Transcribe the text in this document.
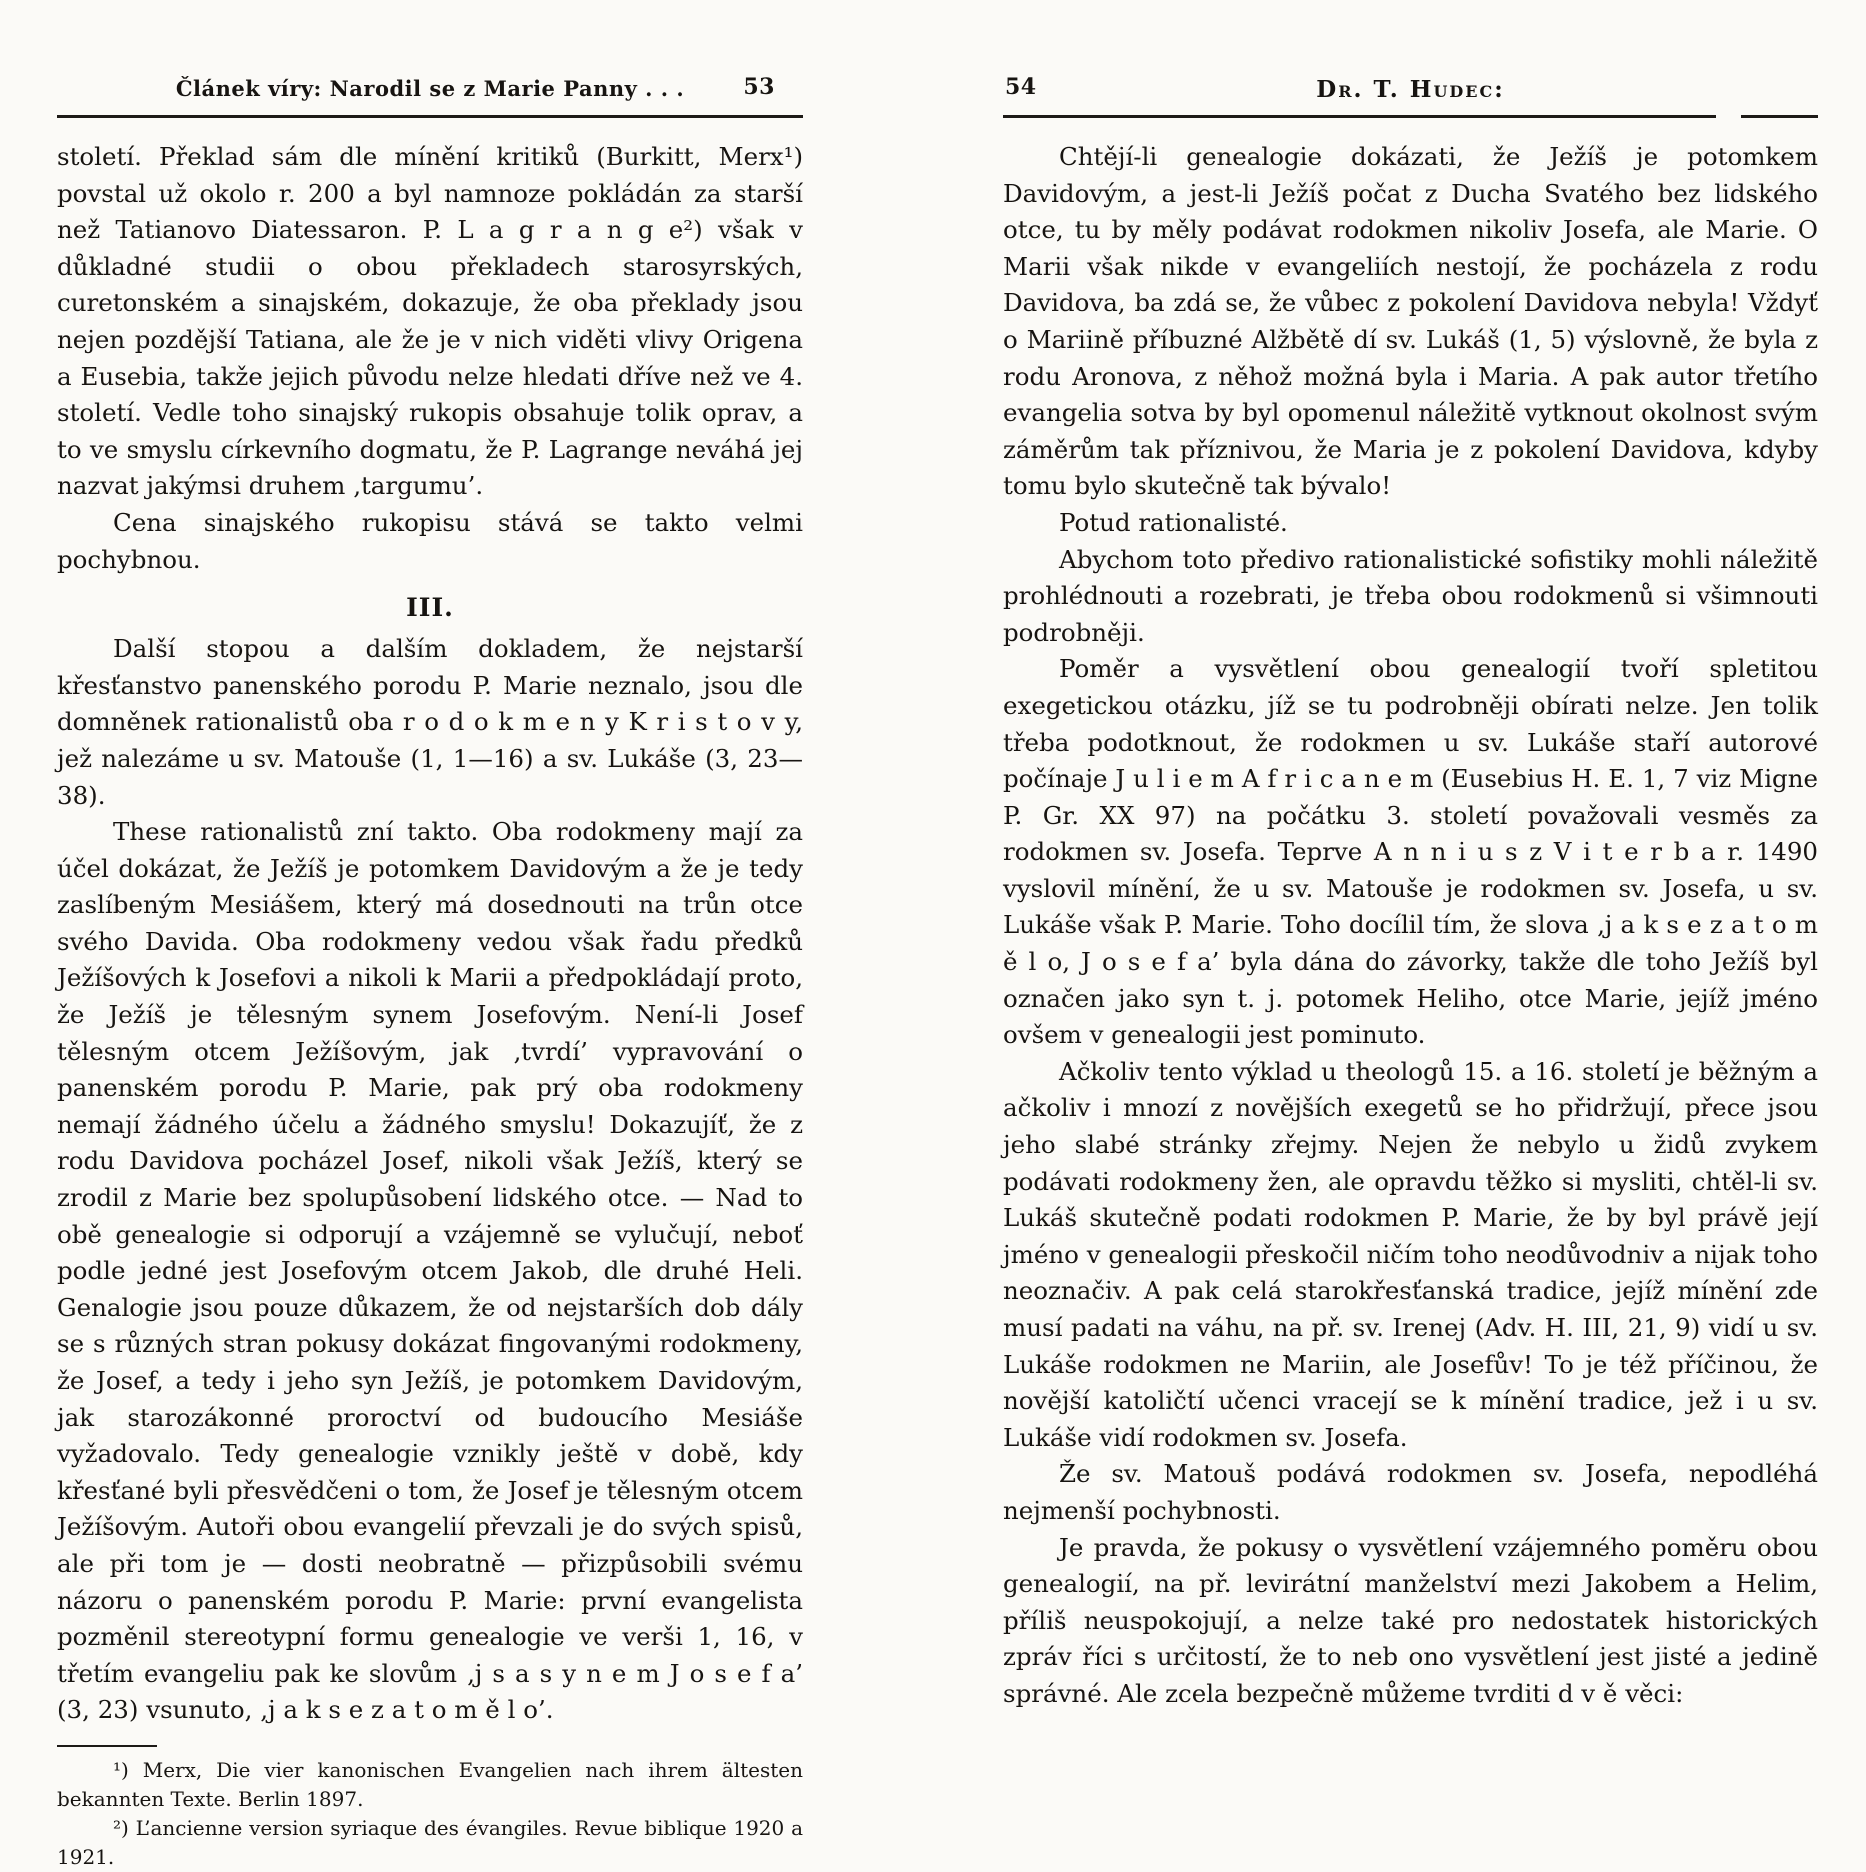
Článek víry: Narodil se z Marie Panny . . .	53

století. Překlad sám dle mínění kritiků (Burkitt, Merx¹) povstal už okolo r. 200 a byl namnoze pokládán za starší než Tatianovo Diatessaron. P. L a g r a n g e²) však v důkladné studii o obou překladech starosyrských, curetonském a sinajském, dokazuje, že oba překlady jsou nejen pozdější Tatiana, ale že je v nich viděti vlivy Origena a Eusebia, takže jejich původu nelze hledati dříve než ve 4. století. Vedle toho sinajský rukopis obsahuje tolik oprav, a to ve smyslu církevního dogmatu, že P. Lagrange neváhá jej nazvat jakýmsi druhem ‚targumu’.

Cena sinajského rukopisu stává se takto velmi pochybnou.

III.

Další stopou a dalším dokladem, že nejstarší křesťanstvo panenského porodu P. Marie neznalo, jsou dle domněnek rationalistů oba r o d o k m e n y K r i s t o v y, jež nalezáme u sv. Matouše (1, 1—16) a sv. Lukáše (3, 23—38).

These rationalistů zní takto. Oba rodokmeny mají za účel dokázat, že Ježíš je potomkem Davidovým a že je tedy zaslíbeným Mesiášem, který má dosednouti na trůn otce svého Davida. Oba rodokmeny vedou však řadu předků Ježíšových k Josefovi a nikoli k Marii a předpokládají proto, že Ježíš je tělesným synem Josefovým. Není-li Josef tělesným otcem Ježíšovým, jak ‚tvrdí’ vypravování o panenském porodu P. Marie, pak prý oba rodokmeny nemají žádného účelu a žádného smyslu! Dokazujíť, že z rodu Davidova pocházel Josef, nikoli však Ježíš, který se zrodil z Marie bez spolupůsobení lidského otce. — Nad to obě genealogie si odporují a vzájemně se vylučují, neboť podle jedné jest Josefovým otcem Jakob, dle druhé Heli. Genalogie jsou pouze důkazem, že od nejstarších dob dály se s různých stran pokusy dokázat fingovanými rodokmeny, že Josef, a tedy i jeho syn Ježíš, je potomkem Davidovým, jak starozákonné proroctví od budoucího Mesiáše vyžadovalo. Tedy genealogie vznikly ještě v době, kdy křesťané byli přesvědčeni o tom, že Josef je tělesným otcem Ježíšovým. Autoři obou evangelií převzali je do svých spisů, ale při tom je — dosti neobratně — přizpůsobili svému názoru o panenském porodu P. Marie: první evangelista pozměnil stereotypní formu genealogie ve verši 1, 16, v třetím evangeliu pak ke slovům ‚j s a s y n e m J o s e f a’ (3, 23) vsunuto, ‚j a k s e z a t o m ě l o’.

¹) Merx, Die vier kanonischen Evangelien nach ihrem ältesten bekannten Texte. Berlin 1897.

²) L’ancienne version syriaque des évangiles. Revue biblique 1920 a 1921.

54	Dr. T. Hudec:

Chtějí-li genealogie dokázati, že Ježíš je potomkem Davidovým, a jest-li Ježíš počat z Ducha Svatého bez lidského otce, tu by měly podávat rodokmen nikoliv Josefa, ale Marie. O Marii však nikde v evangeliích nestojí, že pocházela z rodu Davidova, ba zdá se, že vůbec z pokolení Davidova nebyla! Vždyť o Mariině příbuzné Alžbětě dí sv. Lukáš (1, 5) výslovně, že byla z rodu Aronova, z něhož možná byla i Maria. A pak autor třetího evangelia sotva by byl opomenul náležitě vytknout okolnost svým záměrům tak příznivou, že Maria je z pokolení Davidova, kdyby tomu bylo skutečně tak bývalo!

Potud rationalisté.

Abychom toto předivo rationalistické sofistiky mohli náležitě prohlédnouti a rozebrati, je třeba obou rodokmenů si všimnouti podrobněji.

Poměr a vysvětlení obou genealogií tvoří spletitou exegetickou otázku, jíž se tu podrobněji obírati nelze. Jen tolik třeba podotknout, že rodokmen u sv. Lukáše staří autorové počínaje J u l i e m A f r i c a n e m (Eusebius H. E. 1, 7 viz Migne P. Gr. XX 97) na počátku 3. století považovali vesměs za rodokmen sv. Josefa. Teprve A n n i u s z V i t e r b a r. 1490 vyslovil mínění, že u sv. Matouše je rodokmen sv. Josefa, u sv. Lukáše však P. Marie. Toho docílil tím, že slova ‚j a k s e z a t o m ě l o, J o s e f a’ byla dána do závorky, takže dle toho Ježíš byl označen jako syn t. j. potomek Heliho, otce Marie, jejíž jméno ovšem v genealogii jest pominuto.

Ačkoliv tento výklad u theologů 15. a 16. století je běžným a ačkoliv i mnozí z novějších exegetů se ho přidržují, přece jsou jeho slabé stránky zřejmy. Nejen že nebylo u židů zvykem podávati rodokmeny žen, ale opravdu těžko si mysliti, chtěl-li sv. Lukáš skutečně podati rodokmen P. Marie, že by byl právě její jméno v genealogii přeskočil ničím toho neodůvodniv a nijak toho neoznačiv. A pak celá starokřesťanská tradice, jejíž mínění zde musí padati na váhu, na př. sv. Irenej (Adv. H. III, 21, 9) vidí u sv. Lukáše rodokmen ne Mariin, ale Josefův! To je též příčinou, že novější katoličtí učenci vracejí se k mínění tradice, jež i u sv. Lukáše vidí rodokmen sv. Josefa.

Že sv. Matouš podává rodokmen sv. Josefa, nepodléhá nejmenší pochybnosti.

Je pravda, že pokusy o vysvětlení vzájemného poměru obou genealogií, na př. levirátní manželství mezi Jakobem a Helim, příliš neuspokojují, a nelze také pro nedostatek historických zpráv říci s určitostí, že to neb ono vysvětlení jest jisté a jedině správné. Ale zcela bezpečně můžeme tvrditi d v ě věci:
